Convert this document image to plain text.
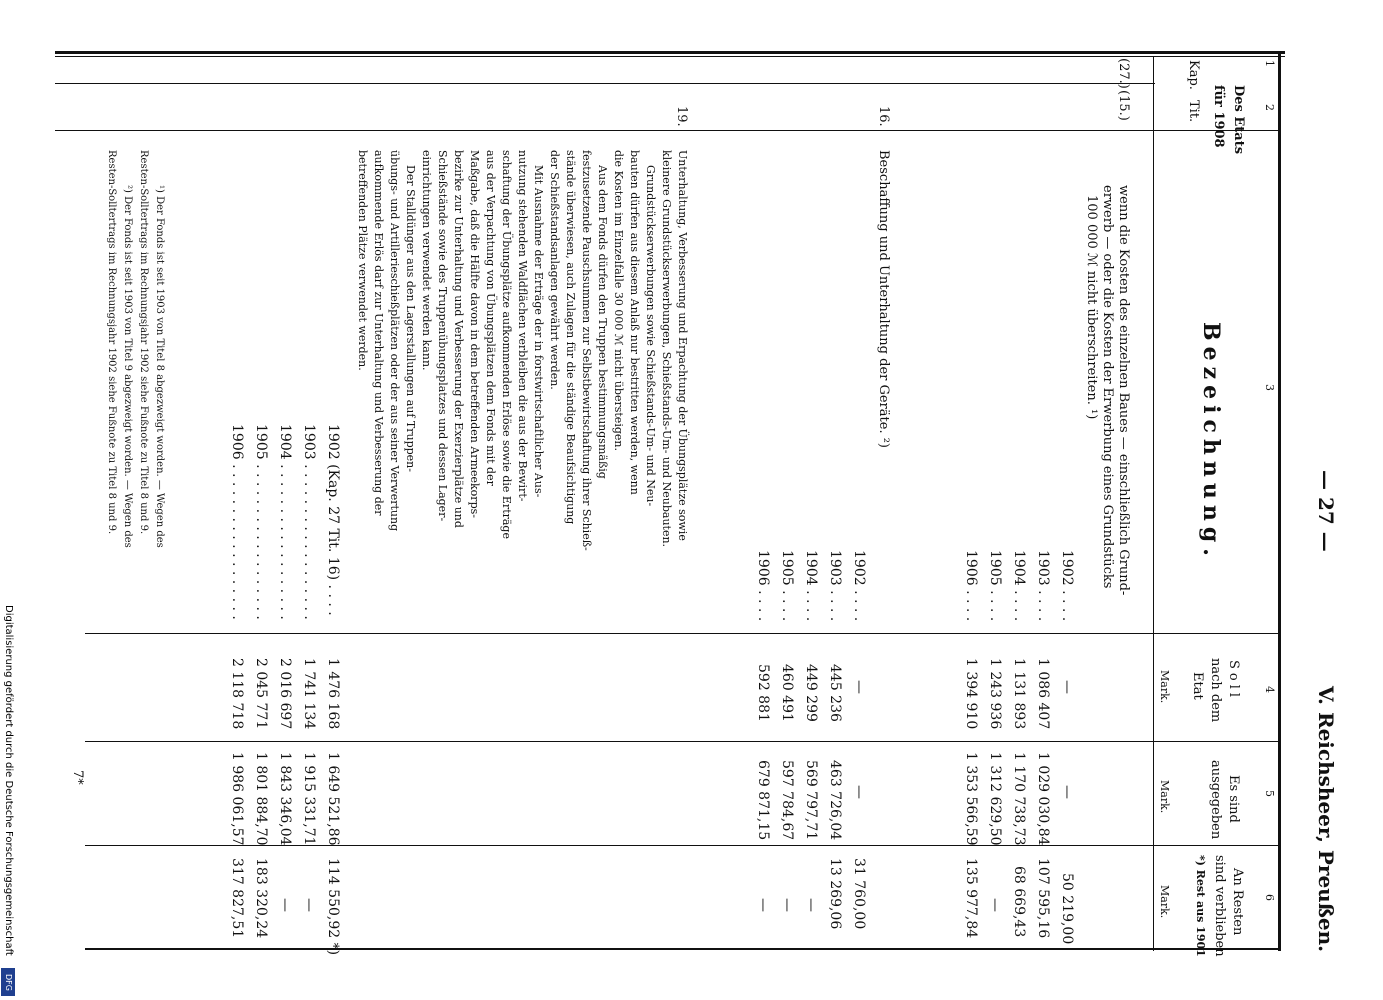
1
2
3
4
5
6
— 27 —
V. Reichsheer, Preußen.
Des Etats
für 1908
Kap.
Tit.
Bezeichnung.
Soll
nach dem
Etat
Mark.
Es sind
ausgegeben
Mark.
An Resten
sind verblieben
*) Rest aus 1901
Mark.
(27.)
(15.)
wenn die Kosten des einzelnen Baues — einschließlich Grund-
erwerb — oder die Kosten der Erwerbung eines Grundstücks
100 000 ℳ nicht überschreiten. ¹)
1902 . . . .
—
—
50 219,00
1903 . . . .
1 086 407
1 029 030,84
107 595,16
1904 . . . .
1 131 893
1 170 738,73
68 669,43
1905 . . . .
1 243 936
1 312 629,50
—
1906 . . . .
1 394 910
1 353 566,59
135 977,84
16.
Beschaffung und Unterhaltung der Geräte. ²)
1902 . . . .
—
—
31 760,00
1903 . . . .
445 236
463 726,04
13 269,06
1904 . . . .
449 299
569 797,71
—
1905 . . . .
460 491
597 784,67
—
1906 . . . .
592 881
679 871,15
—
19.
Unterhaltung, Verbesserung und Erpachtung der Übungsplätze sowie
kleinere Grundstückserwerbungen, Schießstands-Um- und Neubauten.
Grundstückserwerbungen sowie Schießstands-Um- und Neu-
bauten dürfen aus diesem Anlaß nur bestritten werden, wenn
die Kosten im Einzelfalle 30 000 ℳ nicht übersteigen.
Aus dem Fonds dürfen den Truppen bestimmungsmäßig
festzusetzende Pauschsummen zur Selbstbewirtschaftung ihrer Schieß-
stände überwiesen, auch Zulagen für die ständige Beaufsichtigung
der Schießstandsanlagen gewährt werden.
Mit Ausnahme der Erträge der in forstwirtschaftlicher Aus-
nutzung stehenden Waldflächen verbleiben die aus der Bewirt-
schaftung der Übungsplätze aufkommenden Erlöse sowie die Erträge
aus der Verpachtung von Übungsplätzen dem Fonds mit der
Maßgabe, daß die Hälfte davon in dem betreffenden Armeekorps-
bezirke zur Unterhaltung und Verbesserung der Exerzierplätze und
Schießstände sowie des Truppenübungsplatzes und dessen Lager-
einrichtungen verwendet werden kann.
Der Stalldünger aus den Lagerstallungen auf Truppen-
übungs- und Artillerieschießplätzen oder der aus seiner Verwertung
aufkommende Erlös darf zur Unterhaltung und Verbesserung der
betreffenden Plätze verwendet werden.
1902 (Kap. 27 Tit. 16) . . . .
1 476 168
1 649 521,86
114 550,92 *)
1903 . . . . . . . . . . . . . . . . . .
1 741 134
1 915 331,71
—
1904 . . . . . . . . . . . . . . . . . .
2 016 697
1 843 346,04
—
1905 . . . . . . . . . . . . . . . . . .
2 045 771
1 801 884,70
183 320,24
1906 . . . . . . . . . . . . . . . . . .
2 118 718
1 986 061,57
317 827,51
¹) Der Fonds ist seit 1903 von Titel 8 abgezweigt worden. — Wegen des
Resten-Solltertrags im Rechnungsjahr 1902 siehe Fußnote zu Titel 8 und 9.
²) Der Fonds ist seit 1903 von Titel 9 abgezweigt worden. — Wegen des
Resten-Solltertrags im Rechnungsjahr 1902 siehe Fußnote zu Titel 8 und 9.
7*
Digitalisierung gefördert durch die Deutsche Forschungsgemeinschaft
DFG
